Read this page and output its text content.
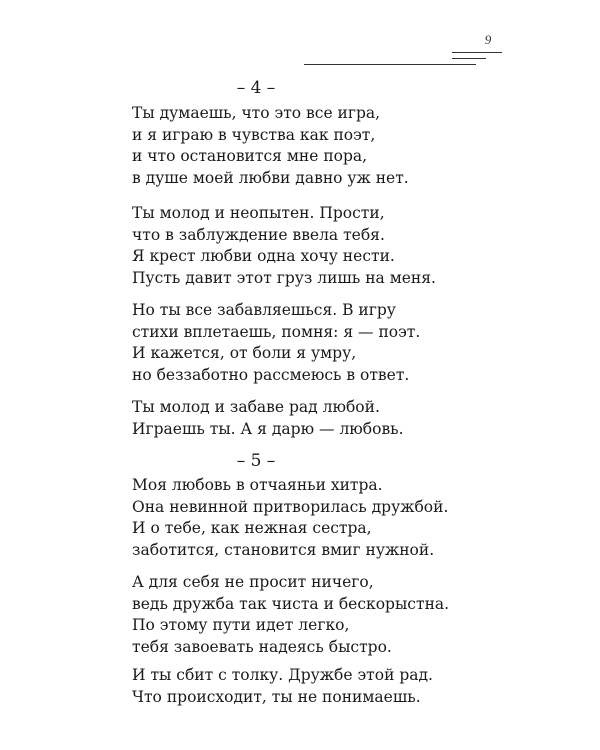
9
– 4 –
Ты думаешь, что это все игра,
и я играю в чувства как поэт,
и что остановится мне пора,
в душе моей любви давно уж нет.
Ты молод и неопытен. Прости,
что в заблуждение ввела тебя.
Я крест любви одна хочу нести.
Пусть давит этот груз лишь на меня.
Но ты все забавляешься. В игру
стихи вплетаешь, помня: я — поэт.
И кажется, от боли я умру,
но беззаботно рассмеюсь в ответ.
Ты молод и забаве рад любой.
Играешь ты. А я дарю — любовь.
– 5 –
Моя любовь в отчаяньи хитра.
Она невинной притворилась дружбой.
И о тебе, как нежная сестра,
заботится, становится вмиг нужной.
А для себя не просит ничего,
ведь дружба так чиста и бескорыстна.
По этому пути идет легко,
тебя завоевать надеясь быстро.
И ты сбит с толку. Дружбе этой рад.
Что происходит, ты не понимаешь.
